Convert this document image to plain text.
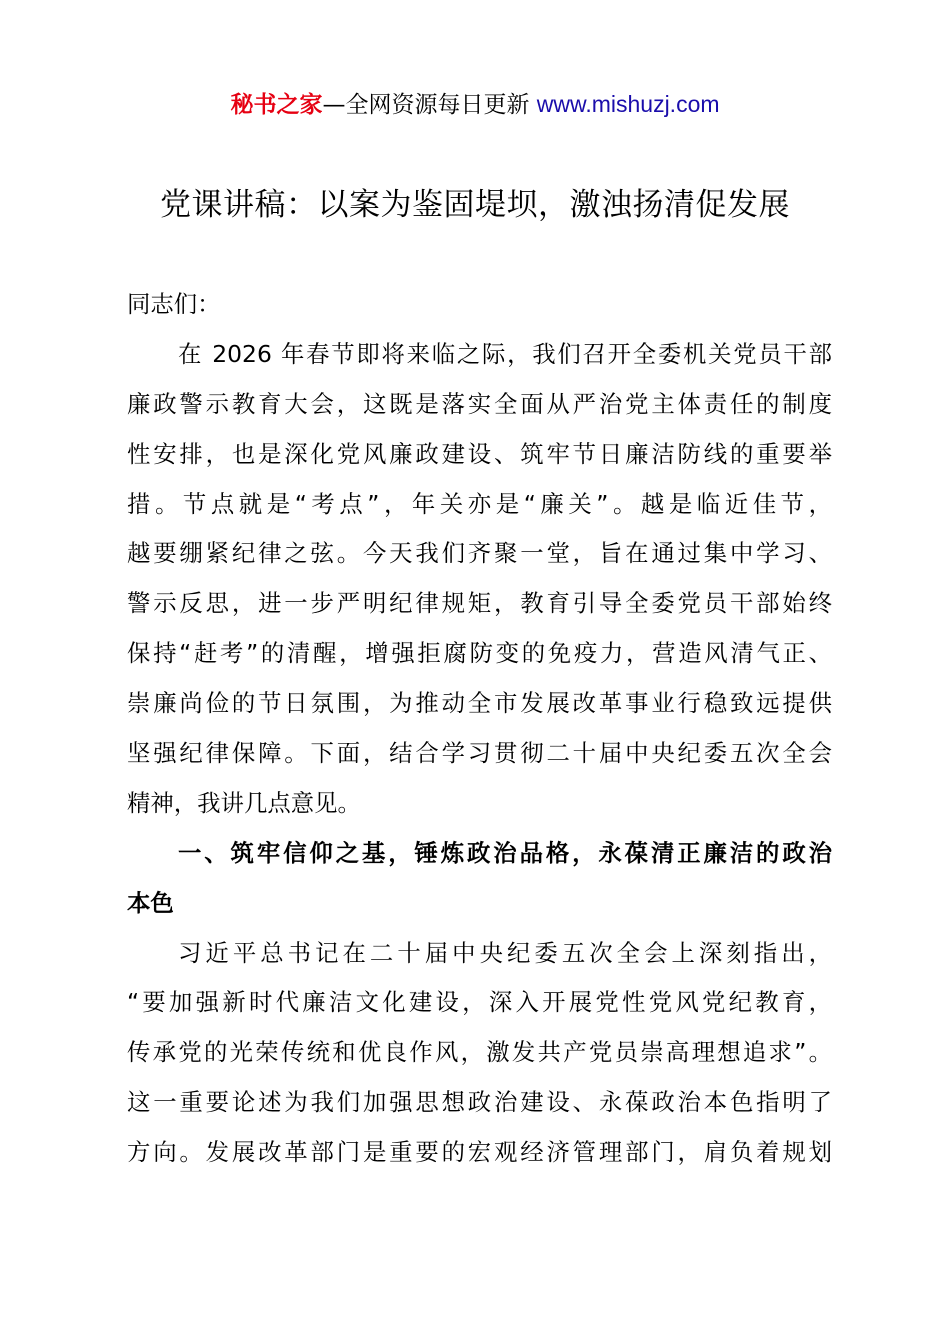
秘书之家—全网资源每日更新 www.mishuzj.com
党课讲稿：以案为鉴固堤坝，激浊扬清促发展
同志们：
在 2026 年春节即将来临之际，我们召开全委机关党员干部
廉政警示教育大会，这既是落实全面从严治党主体责任的制度
性安排，也是深化党风廉政建设、筑牢节日廉洁防线的重要举
措。节点就是“考点”，年关亦是“廉关”。越是临近佳节，
越要绷紧纪律之弦。今天我们齐聚一堂，旨在通过集中学习、
警示反思，进一步严明纪律规矩，教育引导全委党员干部始终
保持“赶考”的清醒，增强拒腐防变的免疫力，营造风清气正、
崇廉尚俭的节日氛围，为推动全市发展改革事业行稳致远提供
坚强纪律保障。下面，结合学习贯彻二十届中央纪委五次全会
精神，我讲几点意见。
一、筑牢信仰之基，锤炼政治品格，永葆清正廉洁的政治
本色
习近平总书记在二十届中央纪委五次全会上深刻指出，
“要加强新时代廉洁文化建设，深入开展党性党风党纪教育，
传承党的光荣传统和优良作风，激发共产党员崇高理想追求”。
这一重要论述为我们加强思想政治建设、永葆政治本色指明了
方向。发展改革部门是重要的宏观经济管理部门，肩负着规划
